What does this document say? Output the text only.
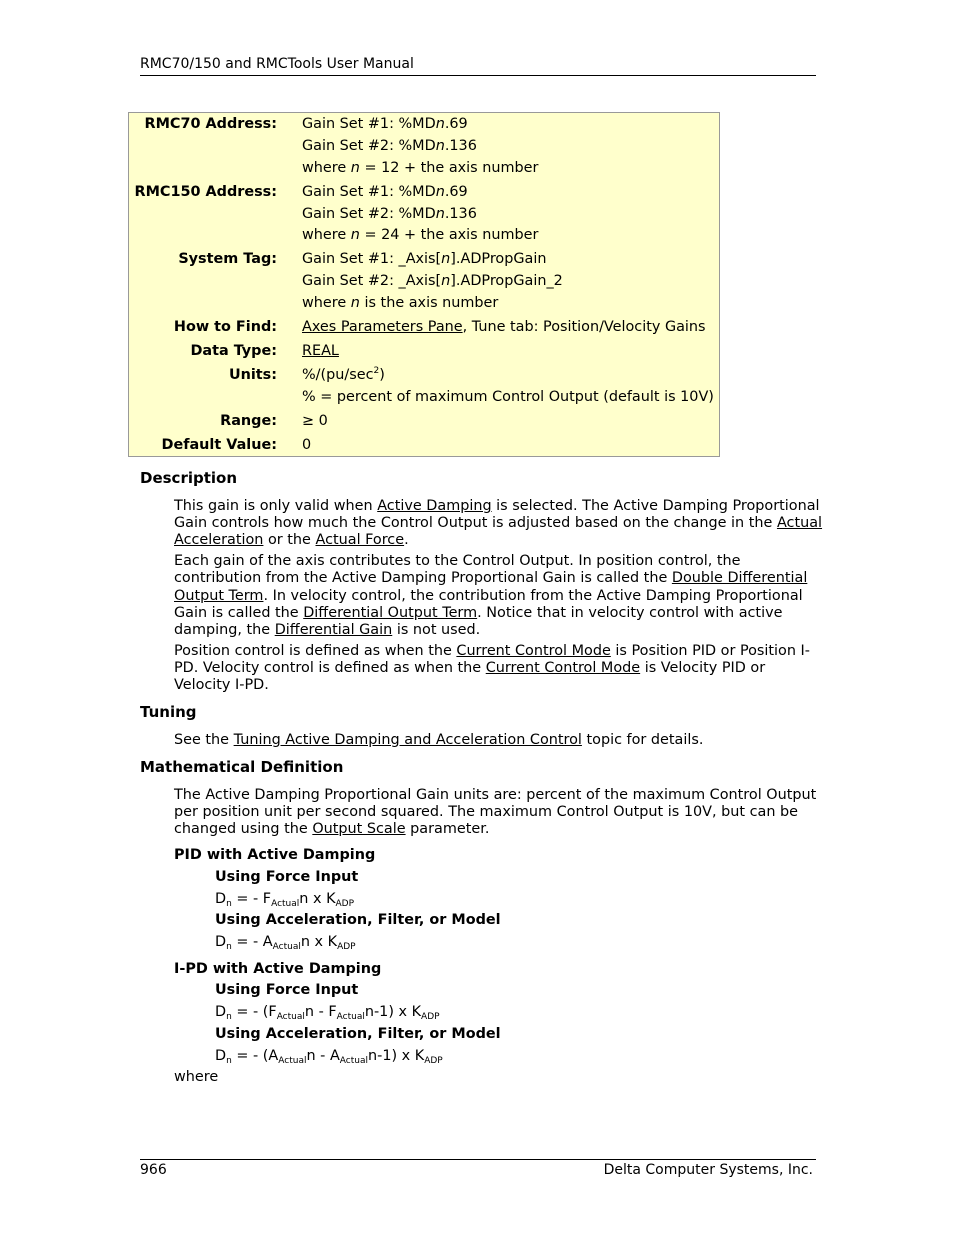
RMC70/150 and RMCTools User Manual
RMC70 Address: Gain Set #1: %MDn.69
Gain Set #2: %MDn.136
where n = 12 + the axis number
RMC150 Address: Gain Set #1: %MDn.69
Gain Set #2: %MDn.136
where n = 24 + the axis number
System Tag: Gain Set #1: _Axis[n].ADPropGain
Gain Set #2: _Axis[n].ADPropGain_2
where n is the axis number
How to Find: Axes Parameters Pane, Tune tab: Position/Velocity Gains
Data Type: REAL
Units: $\%/(pu/\sec^2)$
% = percent of maximum Control Output (default is 10V)
Range: ≥ 0
Default Value: 0
Description
This gain is only valid when Active Damping is selected. The Active Damping Proportional
Gain controls how much the Control Output is adjusted based on the change in the Actual
Acceleration or the Actual Force.
Each gain of the axis contributes to the Control Output. In position control, the
contribution from the Active Damping Proportional Gain is called the Double Differential
Output Term. In velocity control, the contribution from the Active Damping Proportional
Gain is called the Differential Output Term. Notice that in velocity control with active
damping, the Differential Gain is not used.
Position control is defined as when the Current Control Mode is Position PID or Position I-
PD. Velocity control is defined as when the Current Control Mode is Velocity PID or
Velocity I-PD.
Tuning
See the Tuning Active Damping and Acceleration Control topic for details.
Mathematical Definition
The Active Damping Proportional Gain units are: percent of the maximum Control Output
per position unit per second squared. The maximum Control Output is 10V, but can be
changed using the Output Scale parameter.
PID with Active Damping
Using Force Input
$D_n$ = - $F_{Actual}n$ x $K_{ADP}$
Using Acceleration, Filter, or Model
$D_n$ = - $A_{Actual}n$ x $K_{ADP}$
I-PD with Active Damping
Using Force Input
$D_n$ = - $(F_{Actual}n - F_{Actual}n-1)$ x $K_{ADP}$
Using Acceleration, Filter, or Model
$D_n$ = - $(A_{Actual}n - A_{Actual}n-1)$ x $K_{ADP}$
where
966	Delta Computer Systems, Inc.
